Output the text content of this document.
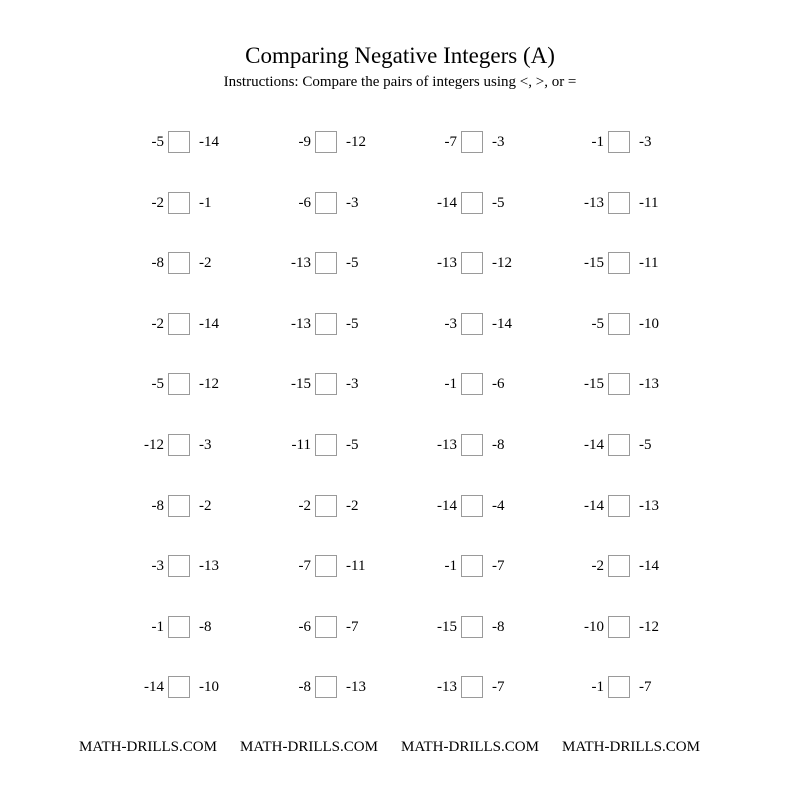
Comparing Negative Integers (A)
Instructions: Compare the pairs of integers using <, >, or =
-5 -14
-2 -1
-8 -2
-2 -14
-5 -12
-12 -3
-8 -2
-3 -13
-1 -8
-14 -10
-9 -12
-6 -3
-13 -5
-13 -5
-15 -3
-11 -5
-2 -2
-7 -11
-6 -7
-8 -13
-7 -3
-14 -5
-13 -12
-3 -14
-1 -6
-13 -8
-14 -4
-1 -7
-15 -8
-13 -7
-1 -3
-13 -11
-15 -11
-5 -10
-15 -13
-14 -5
-14 -13
-2 -14
-10 -12
-1 -7
MATH-DRILLS.COM MATH-DRILLS.COM MATH-DRILLS.COM MATH-DRILLS.COM
